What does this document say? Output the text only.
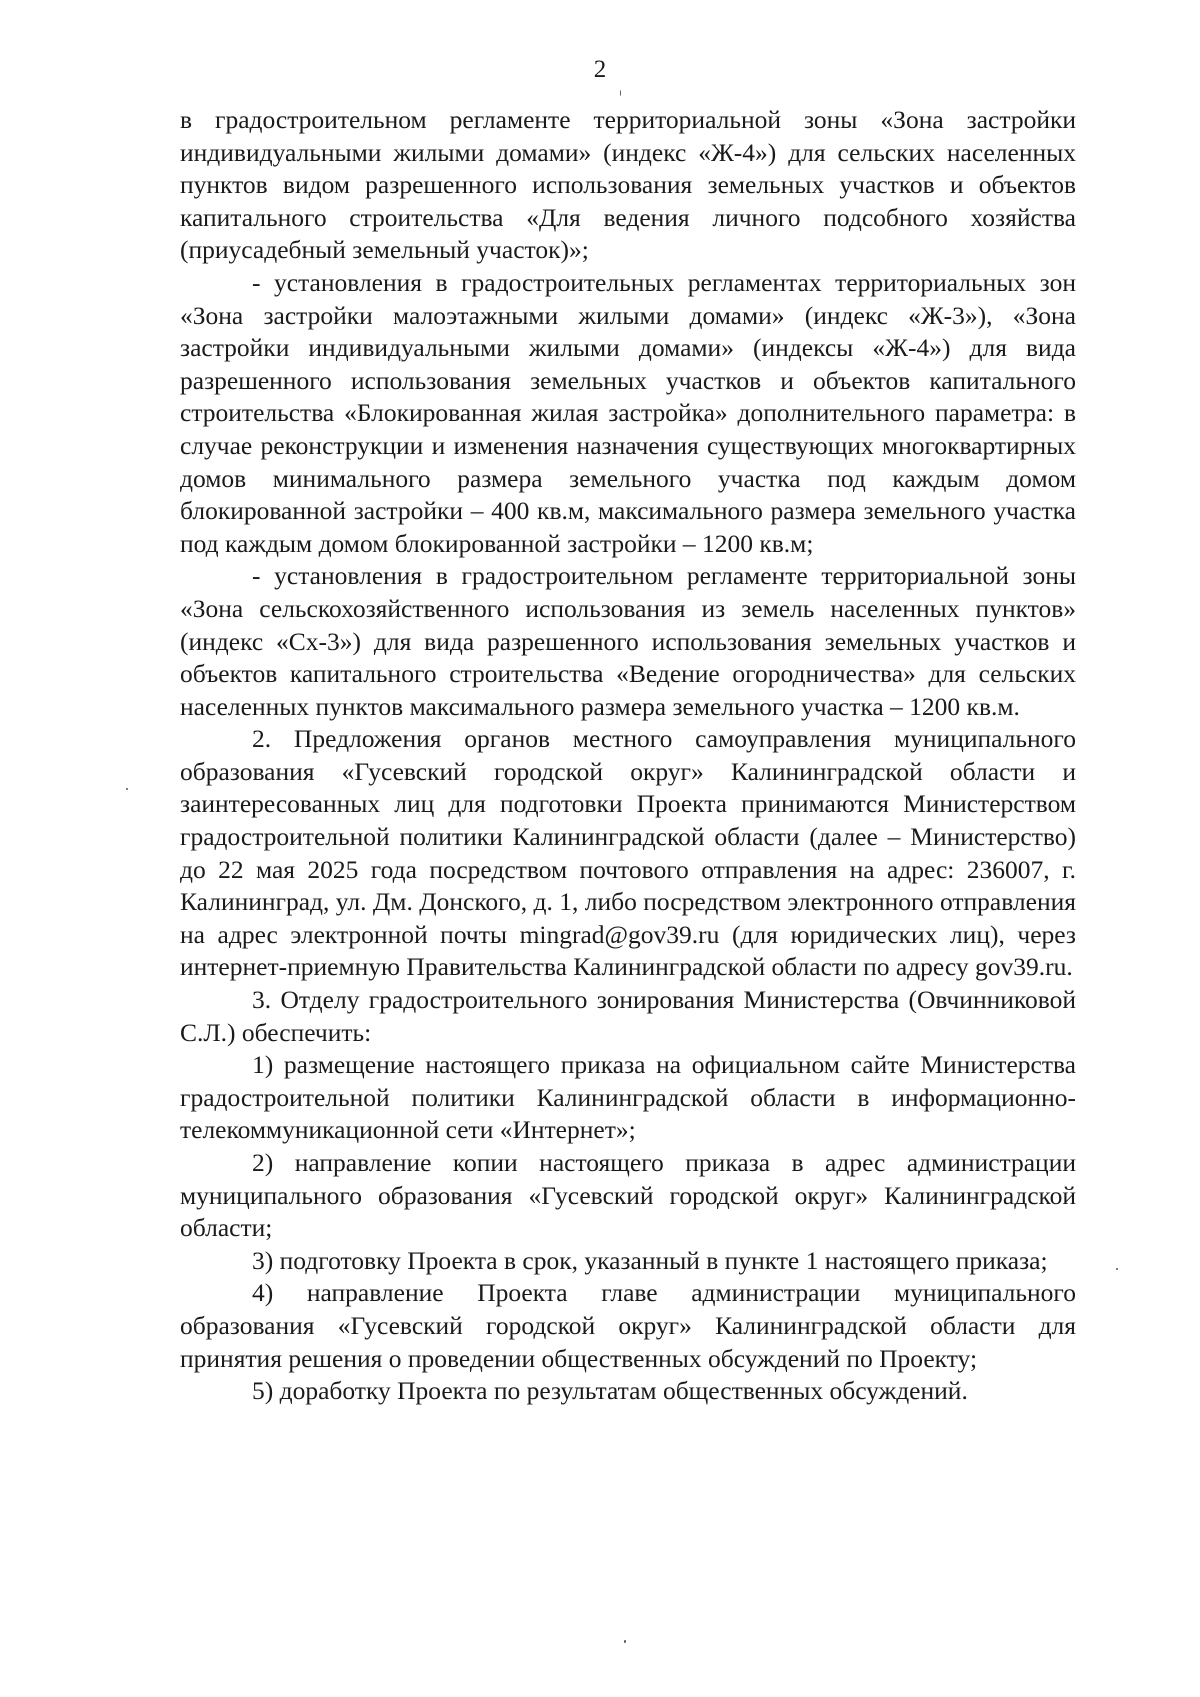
2

в градостроительном регламенте территориальной зоны «Зона застройки индивидуальными жилыми домами» (индекс «Ж-4») для сельских населенных пунктов видом разрешенного использования земельных участков и объектов капитального строительства «Для ведения личного подсобного хозяйства (приусадебный земельный участок)»;

- установления в градостроительных регламентах территориальных зон «Зона застройки малоэтажными жилыми домами» (индекс «Ж-3»), «Зона застройки индивидуальными жилыми домами» (индексы «Ж-4») для вида разрешенного использования земельных участков и объектов капитального строительства «Блокированная жилая застройка» дополнительного параметра: в случае реконструкции и изменения назначения существующих многоквартирных домов минимального размера земельного участка под каждым домом блокированной застройки – 400 кв.м, максимального размера земельного участка под каждым домом блокированной застройки – 1200 кв.м;

- установления в градостроительном регламенте территориальной зоны «Зона сельскохозяйственного использования из земель населенных пунктов» (индекс «Сх-3») для вида разрешенного использования земельных участков и объектов капитального строительства «Ведение огородничества» для сельских населенных пунктов максимального размера земельного участка – 1200 кв.м.

2. Предложения органов местного самоуправления муниципального образования «Гусевский городской округ» Калининградской области и заинтересованных лиц для подготовки Проекта принимаются Министерством градостроительной политики Калининградской области (далее – Министерство) до 22 мая 2025 года посредством почтового отправления на адрес: 236007, г. Калининград, ул. Дм. Донского, д. 1, либо посредством электронного отправления на адрес электронной почты mingrad@gov39.ru (для юридических лиц), через интернет-приемную Правительства Калининградской области по адресу gov39.ru.

3. Отделу градостроительного зонирования Министерства (Овчинниковой С.Л.) обеспечить:

1) размещение настоящего приказа на официальном сайте Министерства градостроительной политики Калининградской области в информационно-телекоммуникационной сети «Интернет»;

2) направление копии настоящего приказа в адрес администрации муниципального образования «Гусевский городской округ» Калининградской области;

3) подготовку Проекта в срок, указанный в пункте 1 настоящего приказа;

4) направление Проекта главе администрации муниципального образования «Гусевский городской округ» Калининградской области для принятия решения о проведении общественных обсуждений по Проекту;

5) доработку Проекта по результатам общественных обсуждений.
